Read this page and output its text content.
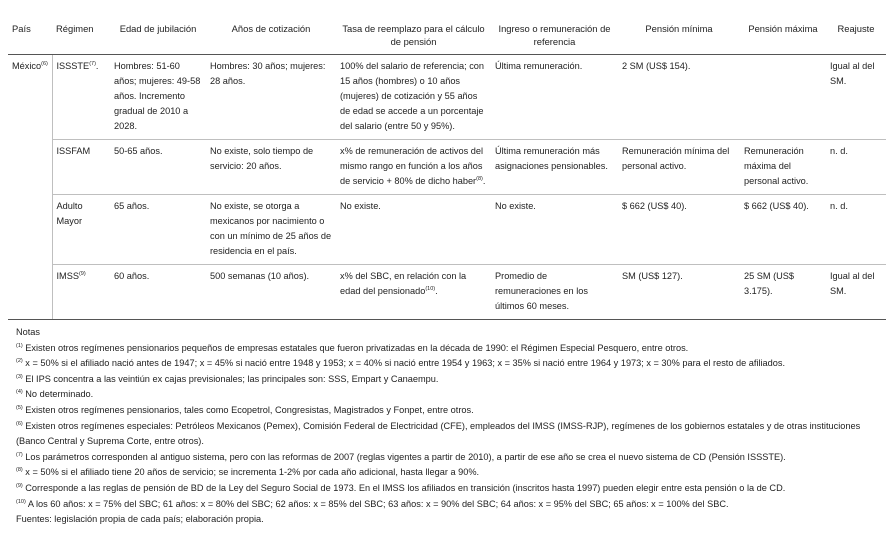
País	Régimen	Edad de jubilación	Años de cotización	Tasa de reemplazo para el cálculo de pensión	Ingreso o remuneración de referencia	Pensión mínima	Pensión máxima	Reajuste
México$^{(6)}$	ISSSTE$^{(7)}$.	Hombres: 51-60 años; mujeres: 49-58 años. Incremento gradual de 2010 a 2028.	Hombres: 30 años; mujeres: 28 años.	100% del salario de referencia; con 15 años (hombres) o 10 años (mujeres) de cotización y 55 años de edad se accede a un porcentaje del salario (entre 50 y 95%).	Última remuneración.	2 SM (US$ 154).		Igual al del SM.
	ISSFAM	50-65 años.	No existe, solo tiempo de servicio: 20 años.	x% de remuneración de activos del mismo rango en función a los años de servicio + 80% de dicho haber$^{(8)}$.	Última remuneración más asignaciones pensionables.	Remuneración mínima del personal activo.	Remuneración máxima del personal activo.	n. d.
	Adulto Mayor	65 años.	No existe, se otorga a mexicanos por nacimiento o con un mínimo de 25 años de residencia en el país.	No existe.	No existe.	$ 662 (US$ 40).	$ 662 (US$ 40).	n. d.
	IMSS$^{(9)}$	60 años.	500 semanas (10 años).	x% del SBC, en relación con la edad del pensionado$^{(10)}$.	Promedio de remuneraciones en los últimos 60 meses.	SM (US$ 127).	25 SM (US$ 3.175).	Igual al del SM.
Notas
$^{(1)}$ Existen otros regímenes pensionarios pequeños de empresas estatales que fueron privatizadas en la década de 1990: el Régimen Especial Pesquero, entre otros.
$^{(2)}$ x = 50% si el afiliado nació antes de 1947; x = 45% si nació entre 1948 y 1953; x = 40% si nació entre 1954 y 1963; x = 35% si nació entre 1964 y 1973; x = 30% para el resto de afiliados.
$^{(3)}$ El IPS concentra a las veintiún ex cajas previsionales; las principales son: SSS, Empart y Canaempu.
$^{(4)}$ No determinado.
$^{(5)}$ Existen otros regímenes pensionarios, tales como Ecopetrol, Congresistas, Magistrados y Fonpet, entre otros.
$^{(6)}$ Existen otros regímenes especiales: Petróleos Mexicanos (Pemex), Comisión Federal de Electricidad (CFE), empleados del IMSS (IMSS-RJP), regímenes de los gobiernos estatales y de otras instituciones (Banco Central y Suprema Corte, entre otros).
$^{(7)}$ Los parámetros corresponden al antiguo sistema, pero con las reformas de 2007 (reglas vigentes a partir de 2010), a partir de ese año se crea el nuevo sistema de CD (Pensión ISSSTE).
$^{(8)}$ x = 50% si el afiliado tiene 20 años de servicio; se incrementa 1-2% por cada año adicional, hasta llegar a 90%.
$^{(9)}$ Corresponde a las reglas de pensión de BD de la Ley del Seguro Social de 1973. En el IMSS los afiliados en transición (inscritos hasta 1997) pueden elegir entre esta pensión o la de CD.
$^{(10)}$ A los 60 años: x = 75% del SBC; 61 años: x = 80% del SBC; 62 años: x = 85% del SBC; 63 años: x = 90% del SBC; 64 años: x = 95% del SBC; 65 años: x = 100% del SBC.
Fuentes: legislación propia de cada país; elaboración propia.
